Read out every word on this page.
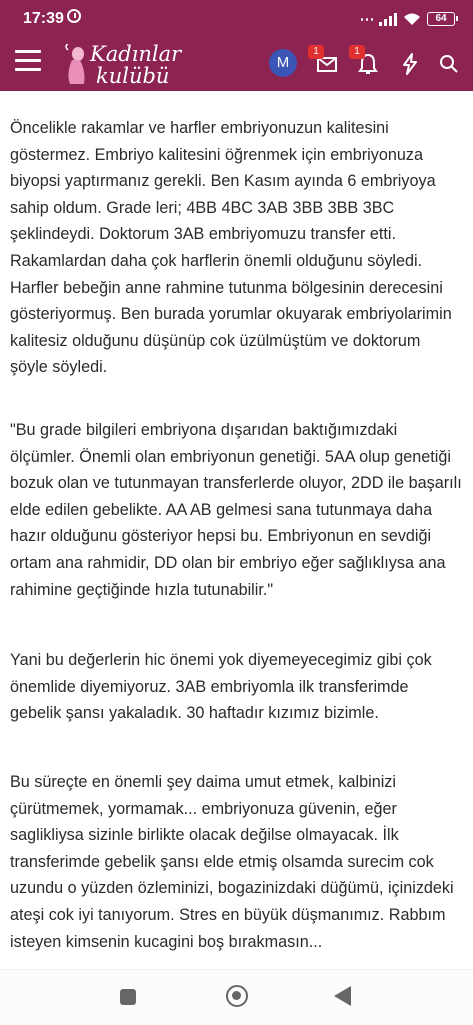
17:39	64
Kadınlar
kulübü
M
1	1

Öncelikle rakamlar ve harfler embriyonuzun kalitesini göstermez. Embriyo kalitesini öğrenmek için embriyonuza biyopsi yaptırmanız gerekli. Ben Kasım ayında 6 embriyoya sahip oldum. Grade leri; 4BB 4BC 3AB 3BB 3BB 3BC şeklindeydi. Doktorum 3AB embriyomuzu transfer etti. Rakamlardan daha çok harflerin önemli olduğunu söyledi. Harfler bebeğin anne rahmine tutunma bölgesinin derecesini gösteriyormuş. Ben burada yorumlar okuyarak embriyolarimin kalitesiz olduğunu düşünüp cok üzülmüştüm ve doktorum şöyle söyledi.

"Bu grade bilgileri embriyona dışarıdan baktığımızdaki ölçümler. Önemli olan embriyonun genetiği. 5AA olup genetiği bozuk olan ve tutunmayan transferlerde oluyor, 2DD ile başarılı elde edilen gebelikte. AA AB gelmesi sana tutunmaya daha hazır olduğunu gösteriyor hepsi bu. Embriyonun en sevdiği ortam ana rahmidir, DD olan bir embriyo eğer sağlıklıysa ana rahimine geçtiğinde hızla tutunabilir."

Yani bu değerlerin hic önemi yok diyemeyecegimiz gibi çok önemlide diyemiyoruz. 3AB embriyomla ilk transferimde gebelik şansı yakaladık. 30 haftadır kızımız bizimle.

Bu süreçte en önemli şey daima umut etmek, kalbinizi çürütmemek, yormamak... embriyonuza güvenin, eğer saglikliysa sizinle birlikte olacak değilse olmayacak. İlk transferimde gebelik şansı elde etmiş olsamda surecim cok uzundu o yüzden özleminizi, bogazinizdaki düğümü, içinizdeki ateşi cok iyi tanıyorum. Stres en büyük düşmanımız. Rabbım isteyen kimsenin kucagini boş bırakmasın...
